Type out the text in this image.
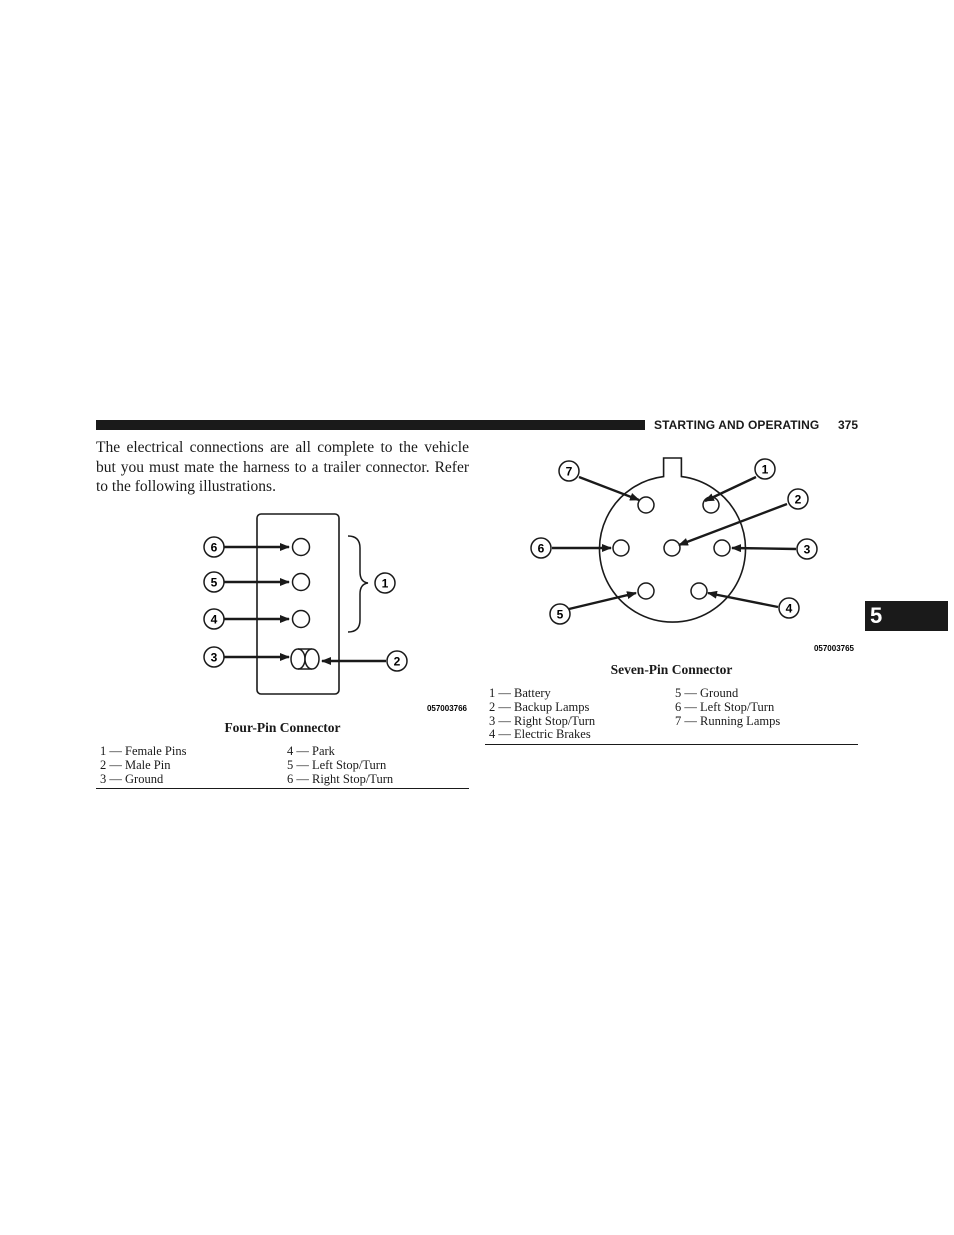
STARTING AND OPERATING 375
5

The electrical connections are all complete to the vehicle but you must mate the harness to a trailer connector. Refer to the following illustrations.

6
5
4
3
1
2
057003766
Four-Pin Connector
1 — Female Pins
2 — Male Pin
3 — Ground
4 — Park
5 — Left Stop/Turn
6 — Right Stop/Turn
7	1
2
6	3
5	4
057003765
Seven-Pin Connector
1 — Battery
2 — Backup Lamps
3 — Right Stop/Turn
4 — Electric Brakes
5 — Ground
6 — Left Stop/Turn
7 — Running Lamps
